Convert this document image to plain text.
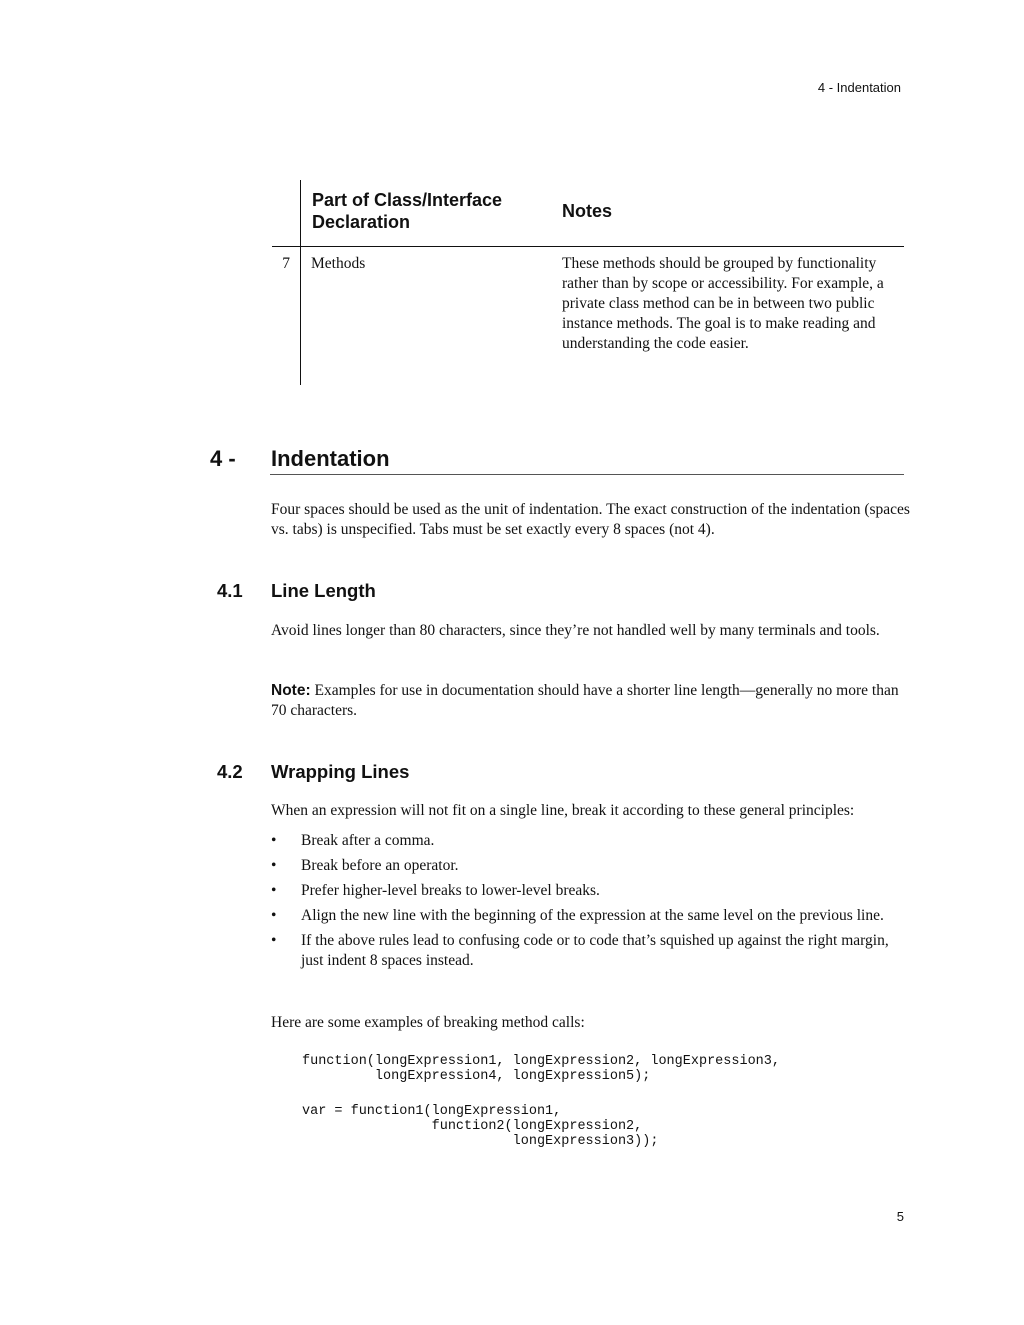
4 - Indentation
Part of Class/Interface Declaration
Notes
7 Methods	These methods should be grouped by functionality rather than by scope or accessibility. For example, a private class method can be in between two public instance methods. The goal is to make reading and understanding the code easier.
4 - Indentation
Four spaces should be used as the unit of indentation. The exact construction of the indentation (spaces vs. tabs) is unspecified. Tabs must be set exactly every 8 spaces (not 4).
4.1 Line Length
Avoid lines longer than 80 characters, since they’re not handled well by many terminals and tools.
Note: Examples for use in documentation should have a shorter line length—generally no more than 70 characters.
4.2 Wrapping Lines
When an expression will not fit on a single line, break it according to these general principles:
• Break after a comma.
• Break before an operator.
• Prefer higher-level breaks to lower-level breaks.
• Align the new line with the beginning of the expression at the same level on the previous line.
• If the above rules lead to confusing code or to code that’s squished up against the right margin, just indent 8 spaces instead.
Here are some examples of breaking method calls:
function(longExpression1, longExpression2, longExpression3,
longExpression4, longExpression5);
var = function1(longExpression1,
function2(longExpression2,
longExpression3));
5
